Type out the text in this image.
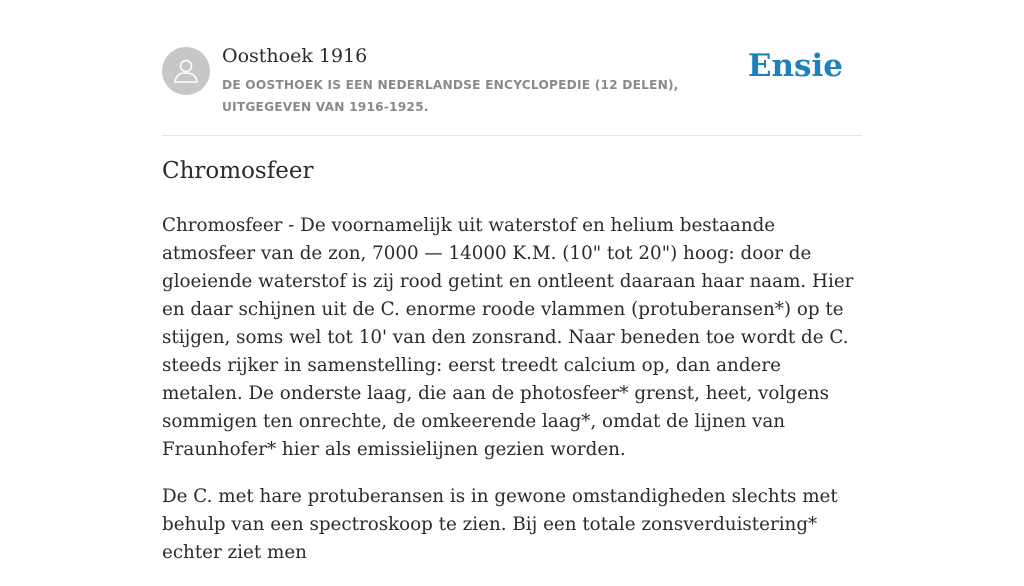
Oosthoek 1916
DE OOSTHOEK IS EEN NEDERLANDSE ENCYCLOPEDIE (12 DELEN), UITGEGEVEN VAN 1916-1925.
Ensie
Chromosfeer

Chromosfeer - De voornamelijk uit waterstof en helium bestaande atmosfeer van de zon, 7000 — 14000 K.M. (10" tot 20") hoog: door de gloeiende waterstof is zij rood getint en ontleent daaraan haar naam. Hier en daar schijnen uit de C. enorme roode vlammen (protuberansen*) op te stijgen, soms wel tot 10' van den zonsrand. Naar beneden toe wordt de C. steeds rijker in samenstelling: eerst treedt calcium op, dan andere metalen. De onderste laag, die aan de photosfeer* grenst, heet, volgens sommigen ten onrechte, de omkeerende laag*, omdat de lijnen van Fraunhofer* hier als emissielijnen gezien worden.

De C. met hare protuberansen is in gewone omstandigheden slechts met behulp van een spectroskoop te zien. Bij een totale zonsverduistering* echter ziet men
